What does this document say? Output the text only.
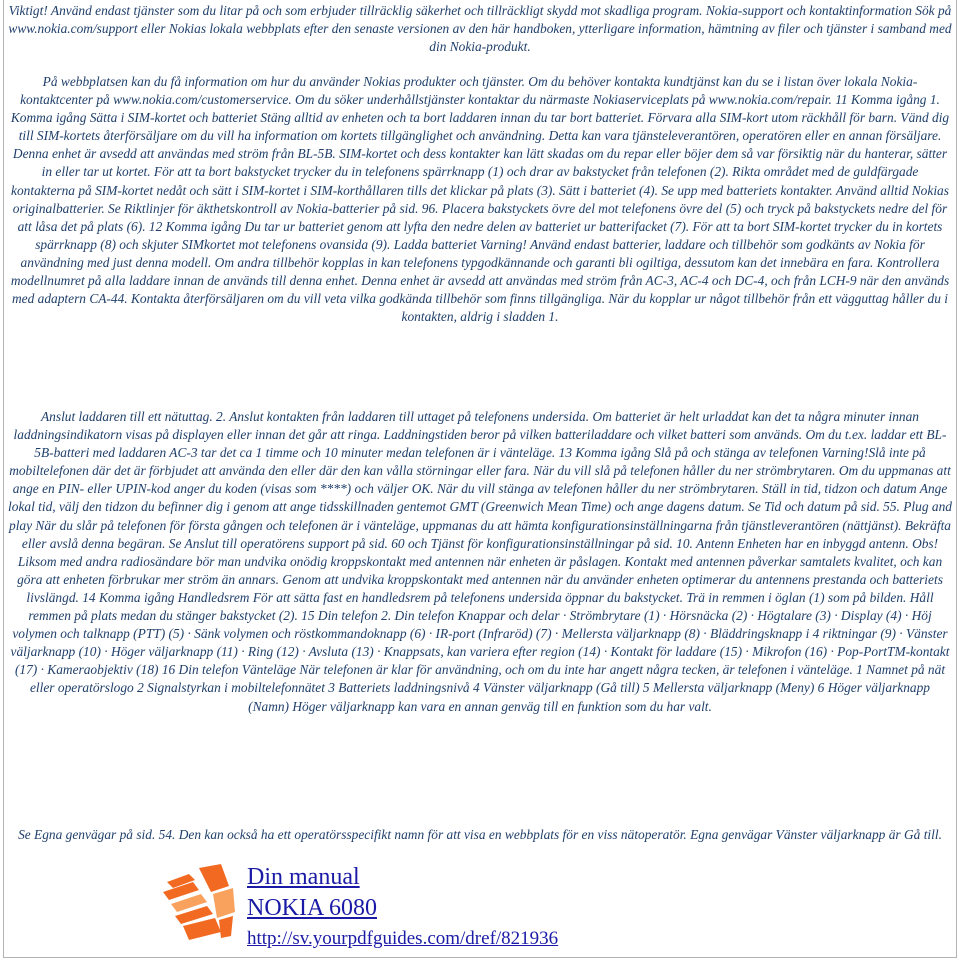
Viktigt! Använd endast tjänster som du litar på och som erbjuder tillräcklig säkerhet och tillräckligt skydd mot skadliga program. Nokia-support och kontaktinformation Sök på www.nokia.com/support eller Nokias lokala webbplats efter den senaste versionen av den här handboken, ytterligare information, hämtning av filer och tjänster i samband med din Nokia-produkt.
På webbplatsen kan du få information om hur du använder Nokias produkter och tjänster. Om du behöver kontakta kundtjänst kan du se i listan över lokala Nokia-kontaktcenter på www.nokia.com/customerservice. Om du söker underhållstjänster kontaktar du närmaste Nokiaserviceplats på www.nokia.com/repair. 11 Komma igång 1. Komma igång Sätta i SIM-kortet och batteriet Stäng alltid av enheten och ta bort laddaren innan du tar bort batteriet. Förvara alla SIM-kort utom räckhåll för barn. Vänd dig till SIM-kortets återförsäljare om du vill ha information om kortets tillgänglighet och användning. Detta kan vara tjänsteleverantören, operatören eller en annan försäljare. Denna enhet är avsedd att användas med ström från BL-5B. SIM-kortet och dess kontakter kan lätt skadas om du repar eller böjer dem så var försiktig när du hanterar, sätter in eller tar ut kortet. För att ta bort bakstycket trycker du in telefonens spärrknapp (1) och drar av bakstycket från telefonen (2). Rikta området med de guldfärgade kontakterna på SIM-kortet nedåt och sätt i SIM-kortet i SIM-korthållaren tills det klickar på plats (3). Sätt i batteriet (4). Se upp med batteriets kontakter. Använd alltid Nokias originalbatterier. Se Riktlinjer för äkthetskontroll av Nokia-batterier på sid. 96. Placera bakstyckets övre del mot telefonens övre del (5) och tryck på bakstyckets nedre del för att låsa det på plats (6). 12 Komma igång Du tar ur batteriet genom att lyfta den nedre delen av batteriet ur batterifacket (7). För att ta bort SIM-kortet trycker du in kortets spärrknapp (8) och skjuter SIMkortet mot telefonens ovansida (9). Ladda batteriet Varning! Använd endast batterier, laddare och tillbehör som godkänts av Nokia för användning med just denna modell. Om andra tillbehör kopplas in kan telefonens typgodkännande och garanti bli ogiltiga, dessutom kan det innebära en fara. Kontrollera modellnumret på alla laddare innan de används till denna enhet. Denna enhet är avsedd att användas med ström från AC-3, AC-4 och DC-4, och från LCH-9 när den används med adaptern CA-44. Kontakta återförsäljaren om du vill veta vilka godkända tillbehör som finns tillgängliga. När du kopplar ur något tillbehör från ett vägguttag håller du i kontakten, aldrig i sladden 1.
Anslut laddaren till ett nätuttag. 2. Anslut kontakten från laddaren till uttaget på telefonens undersida. Om batteriet är helt urladdat kan det ta några minuter innan laddningsindikatorn visas på displayen eller innan det går att ringa. Laddningstiden beror på vilken batteriladdare och vilket batteri som används. Om du t.ex. laddar ett BL-5B-batteri med laddaren AC-3 tar det ca 1 timme och 10 minuter medan telefonen är i vänteläge. 13 Komma igång Slå på och stänga av telefonen Varning!Slå inte på mobiltelefonen där det är förbjudet att använda den eller där den kan vålla störningar eller fara. När du vill slå på telefonen håller du ner strömbrytaren. Om du uppmanas att ange en PIN- eller UPIN-kod anger du koden (visas som ****) och väljer OK. När du vill stänga av telefonen håller du ner strömbrytaren. Ställ in tid, tidzon och datum Ange lokal tid, välj den tidzon du befinner dig i genom att ange tidsskillnaden gentemot GMT (Greenwich Mean Time) och ange dagens datum. Se Tid och datum på sid. 55. Plug and play När du slår på telefonen för första gången och telefonen är i vänteläge, uppmanas du att hämta konfigurationsinställningarna från tjänstleverantören (nättjänst). Bekräfta eller avslå denna begäran. Se Anslut till operatörens support på sid. 60 och Tjänst för konfigurationsinställningar på sid. 10. Antenn Enheten har en inbyggd antenn. Obs! Liksom med andra radiosändare bör man undvika onödig kroppskontakt med antennen när enheten är påslagen. Kontakt med antennen påverkar samtalets kvalitet, och kan göra att enheten förbrukar mer ström än annars. Genom att undvika kroppskontakt med antennen när du använder enheten optimerar du antennens prestanda och batteriets livslängd. 14 Komma igång Handledsrem För att sätta fast en handledsrem på telefonens undersida öppnar du bakstycket. Trä in remmen i öglan (1) som på bilden. Håll remmen på plats medan du stänger bakstycket (2). 15 Din telefon 2. Din telefon Knappar och delar · Strömbrytare (1) · Hörsnäcka (2) · Högtalare (3) · Display (4) · Höj volymen och talknapp (PTT) (5) · Sänk volymen och röstkommandoknapp (6) · IR-port (Infraröd) (7) · Mellersta väljarknapp (8) · Bläddringsknapp i 4 riktningar (9) · Vänster väljarknapp (10) · Höger väljarknapp (11) · Ring (12) · Avsluta (13) · Knappsats, kan variera efter region (14) · Kontakt för laddare (15) · Mikrofon (16) · Pop-PortTM-kontakt (17) · Kameraobjektiv (18) 16 Din telefon Vänteläge När telefonen är klar för användning, och om du inte har angett några tecken, är telefonen i vänteläge. 1 Namnet på nät eller operatörslogo 2 Signalstyrkan i mobiltelefonnätet 3 Batteriets laddningsnivå 4 Vänster väljarknapp (Gå till) 5 Mellersta väljarknapp (Meny) 6 Höger väljarknapp (Namn) Höger väljarknapp kan vara en annan genväg till en funktion som du har valt.
Se Egna genvägar på sid. 54. Den kan också ha ett operatörsspecifikt namn för att visa en webbplats för en viss nätoperatör. Egna genvägar Vänster väljarknapp är Gå till.
Din manual
NOKIA 6080
http://sv.yourpdfguides.com/dref/821936
